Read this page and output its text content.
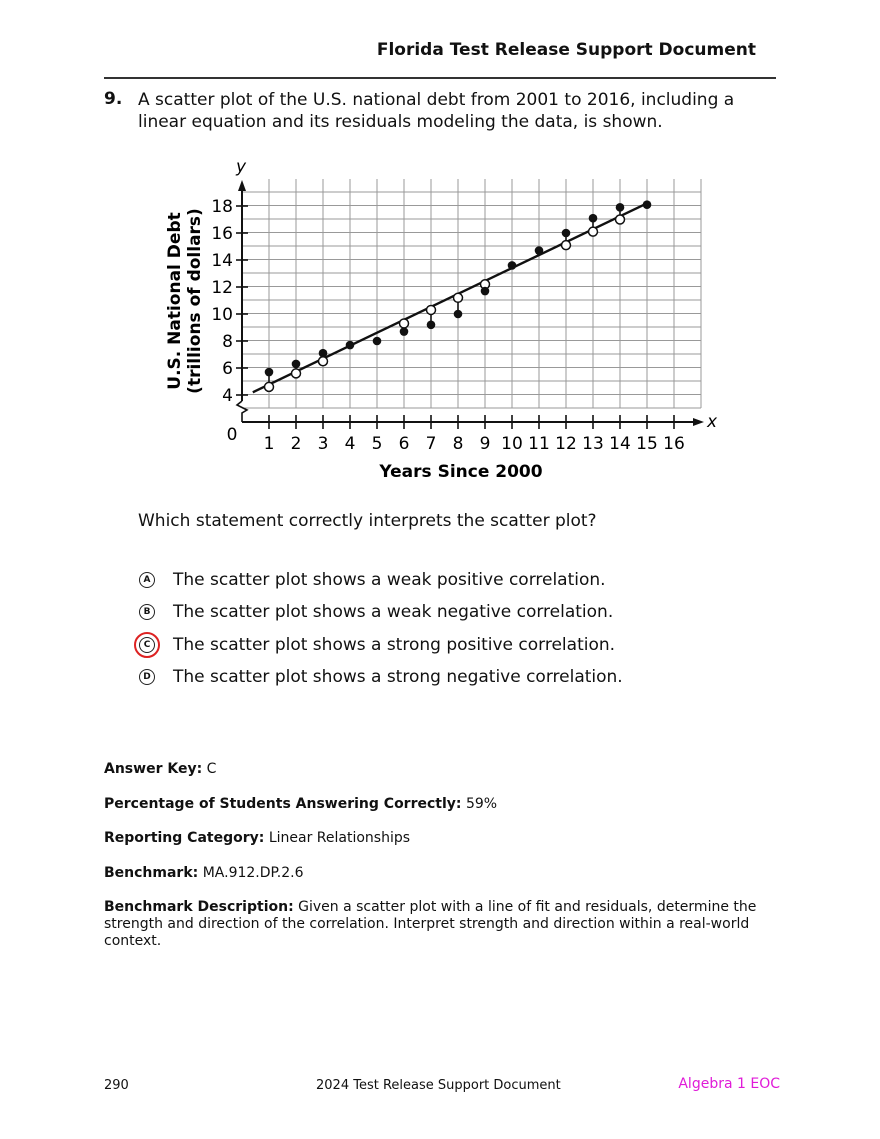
Florida Test Release Support Document
9. A scatter plot of the U.S. national debt from 2001 to 2016, including a linear equation and its residuals modeling the data, is shown.
1 2 3 4 5 6 7 8 9 10 11 12 13 14 15 16
4
6
8
10
12
14
16
18
0
x
y
Years Since 2000
U.S. National Debt (trillions of dollars)
Which statement correctly interprets the scatter plot?
A The scatter plot shows a weak positive correlation.
B The scatter plot shows a weak negative correlation.
C The scatter plot shows a strong positive correlation.
D The scatter plot shows a strong negative correlation.
Answer Key: C
Percentage of Students Answering Correctly: 59%
Reporting Category: Linear Relationships
Benchmark: MA.912.DP.2.6
Benchmark Description: Given a scatter plot with a line of fit and residuals, determine the strength and direction of the correlation. Interpret strength and direction within a real-world context.
290	2024 Test Release Support Document	Algebra 1 EOC
